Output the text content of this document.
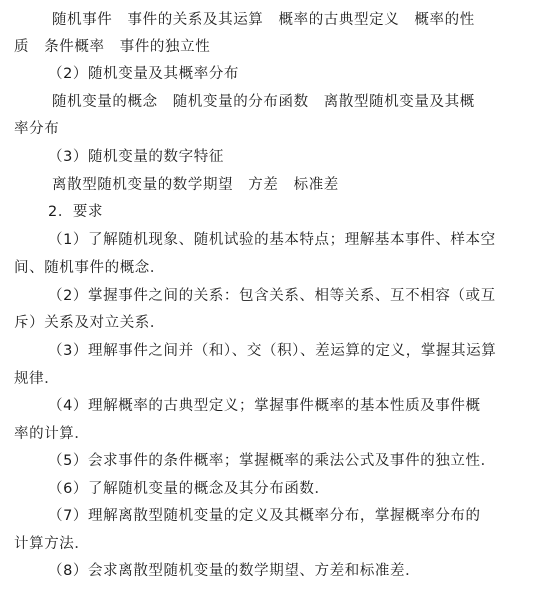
随机事件　事件的关系及其运算　概率的古典型定义　概率的性
质　条件概率　事件的独立性
（2）随机变量及其概率分布
随机变量的概念　随机变量的分布函数　离散型随机变量及其概
率分布
（3）随机变量的数字特征
离散型随机变量的数学期望　方差　标准差
2．要求
（1）了解随机现象、随机试验的基本特点；理解基本事件、样本空
间、随机事件的概念．
（2）掌握事件之间的关系：包含关系、相等关系、互不相容（或互
斥）关系及对立关系．
（3）理解事件之间并（和）、交（积）、差运算的定义，掌握其运算
规律．
（4）理解概率的古典型定义；掌握事件概率的基本性质及事件概
率的计算．
（5）会求事件的条件概率；掌握概率的乘法公式及事件的独立性．
（6）了解随机变量的概念及其分布函数．
（7）理解离散型随机变量的定义及其概率分布，掌握概率分布的
计算方法．
（8）会求离散型随机变量的数学期望、方差和标准差．
